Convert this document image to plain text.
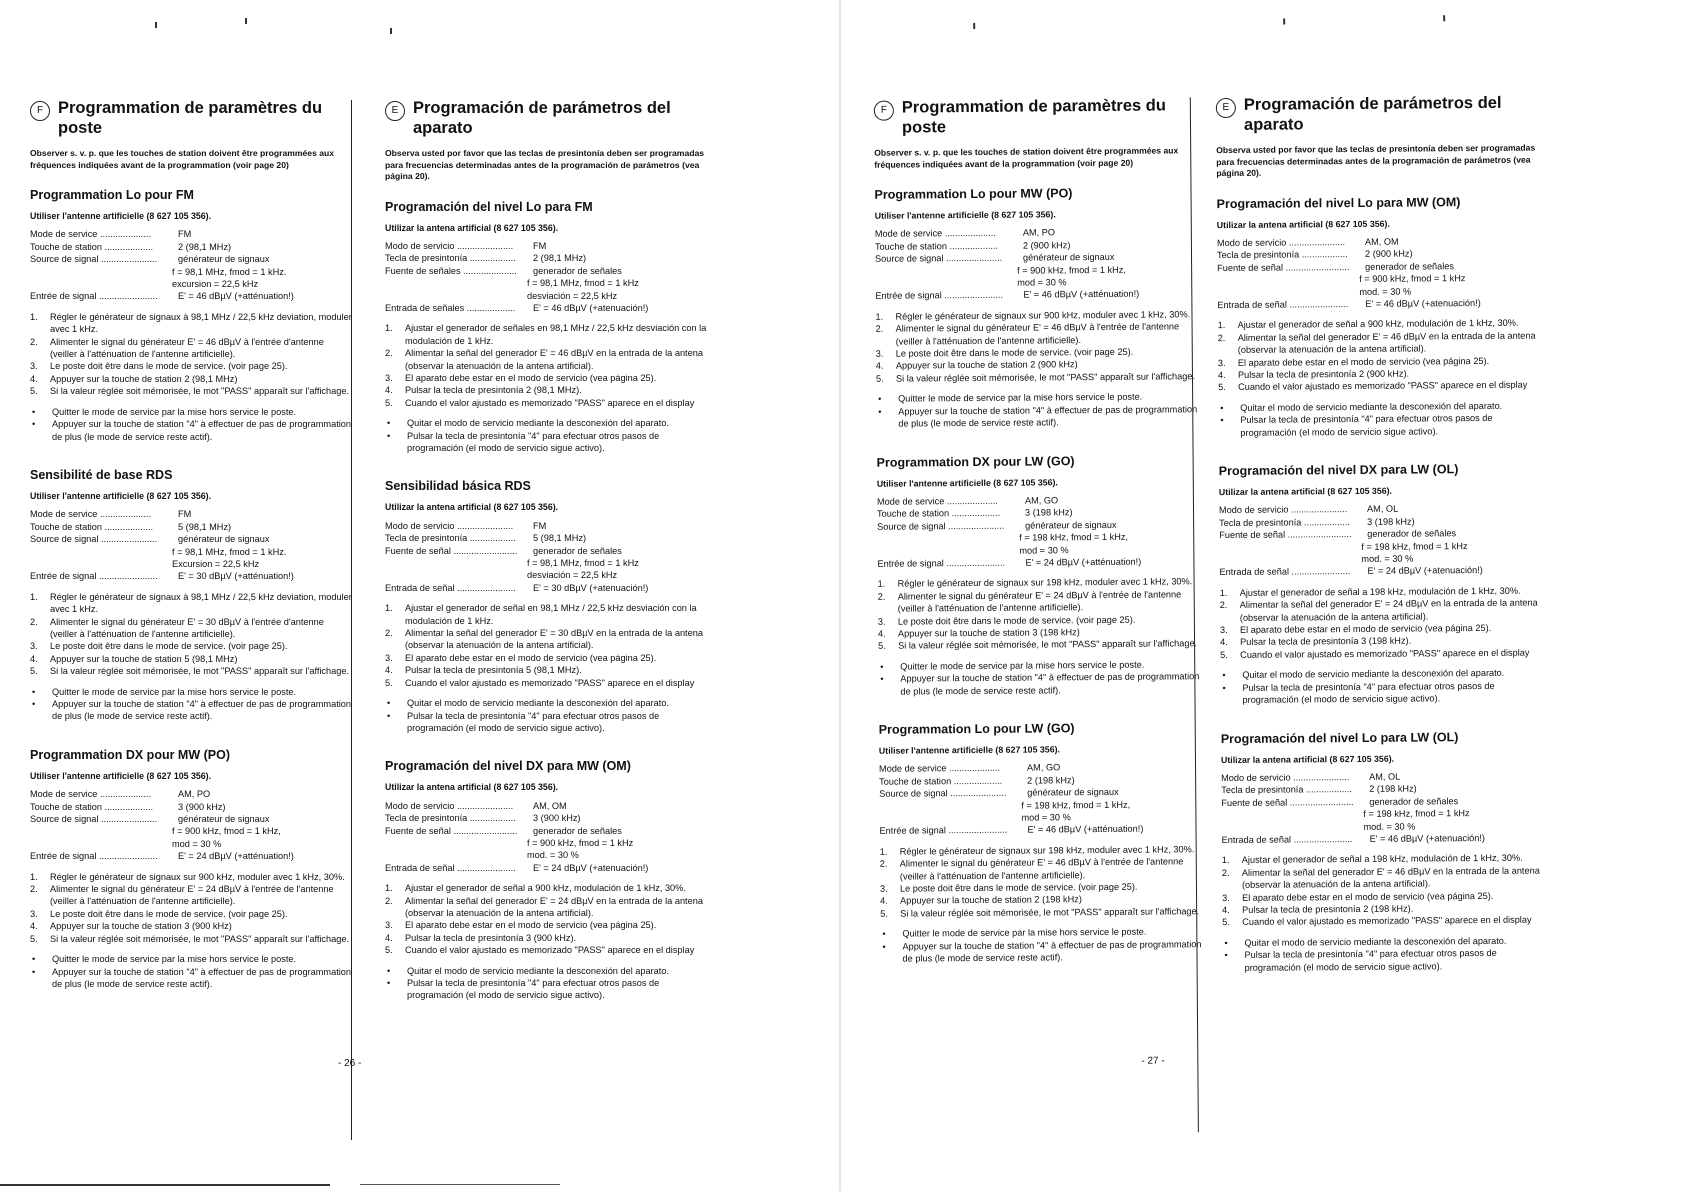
F Programmation de paramètres du poste
Observer s. v. p. que les touches de station doivent être programmées aux fréquences indiquées avant de la programmation (voir page 20)
Programmation Lo pour FM
Utiliser l'antenne artificielle (8 627 105 356).
Mode de service ....................	FM
Touche de station ...................	2 (98,1 MHz)
Source de signal ......................	générateur de signaux
f = 98,1 MHz, fmod = 1 kHz.
excursion = 22,5 kHz
Entrée de signal .......................	E' = 46 dBµV (+atténuation!)
1.	Régler le générateur de signaux à 98,1 MHz / 22,5 kHz deviation, moduler avec 1 kHz.
2.	Alimenter le signal du générateur E' = 46 dBµV à l'entrée d'antenne (veiller à l'atténuation de l'antenne artificielle).
3.	Le poste doit être dans le mode de service. (voir page 25).
4.	Appuyer sur la touche de station 2 (98,1 MHz)
5.	Si la valeur réglée soit mémorisée, le mot "PASS" apparaît sur l'affichage.
•	Quitter le mode de service par la mise hors service le poste.
•	Appuyer sur la touche de station "4" à effectuer de pas de programmation de plus (le mode de service reste actif).
Sensibilité de base RDS
Utiliser l'antenne artificielle (8 627 105 356).
Mode de service ....................	FM
Touche de station ...................	5 (98,1 MHz)
Source de signal ......................	générateur de signaux
f = 98,1 MHz, fmod = 1 kHz.
Excursion = 22,5 kHz
Entrée de signal .......................	E' = 30 dBµV (+atténuation!)
1.	Régler le générateur de signaux à 98,1 MHz / 22,5 kHz deviation, moduler avec 1 kHz.
2.	Alimenter le signal du générateur E' = 30 dBµV à l'entrée d'antenne (veiller à l'atténuation de l'antenne artificielle).
3.	Le poste doit être dans le mode de service. (voir page 25).
4.	Appuyer sur la touche de station 5 (98,1 MHz)
5.	Si la valeur réglée soit mémorisée, le mot "PASS" apparaît sur l'affichage.
•	Quitter le mode de service par la mise hors service le poste.
•	Appuyer sur la touche de station "4" à effectuer de pas de programmation de plus (le mode de service reste actif).
Programmation DX pour MW (PO)
Utiliser l'antenne artificielle (8 627 105 356).
Mode de service ....................	AM, PO
Touche de station ...................	3 (900 kHz)
Source de signal ......................	générateur de signaux
f = 900 kHz, fmod = 1 kHz,
mod = 30 %
Entrée de signal .......................	E' = 24 dBµV (+atténuation!)
1.	Régler le générateur de signaux sur 900 kHz, moduler avec 1 kHz, 30%.
2.	Alimenter le signal du générateur E' = 24 dBµV à l'entrée de l'antenne (veiller à l'atténuation de l'antenne artificielle).
3.	Le poste doit être dans le mode de service. (voir page 25).
4.	Appuyer sur la touche de station 3 (900 kHz)
5.	Si la valeur réglée soit mémorisée, le mot "PASS" apparaît sur l'affichage.
•	Quitter le mode de service par la mise hors service le poste.
•	Appuyer sur la touche de station "4" à effectuer de pas de programmation de plus (le mode de service reste actif).
E Programación de parámetros del aparato
Observa usted por favor que las teclas de presintonía deben ser programadas para frecuencias determinadas antes de la programación de parámetros (vea página 20).
Programación del nivel Lo para FM
Utilizar la antena artificial (8 627 105 356).
Modo de servicio ......................	FM
Tecla de presintonía ..................	2 (98,1 MHz)
Fuente de señales .....................	generador de señales
f = 98,1 MHz, fmod = 1 kHz
desviación = 22,5 kHz
Entrada de señales ...................	E' = 46 dBµV (+atenuación!)
1.	Ajustar el generador de señales en 98,1 MHz / 22,5 kHz desviación con la modulación de 1 kHz.
2.	Alimentar la señal del generador E' = 46 dBµV en la entrada de la antena (observar la atenuación de la antena artificial).
3.	El aparato debe estar en el modo de servicio (vea página 25).
4.	Pulsar la tecla de presintonía 2 (98,1 MHz).
5.	Cuando el valor ajustado es memorizado "PASS" aparece en el display
•	Quitar el modo de servicio mediante la desconexión del aparato.
•	Pulsar la tecla de presintonía "4" para efectuar otros pasos de programación (el modo de servicio sigue activo).
Sensibilidad básica RDS
Utilizar la antena artificial (8 627 105 356).
Modo de servicio ......................	FM
Tecla de presintonía ..................	5 (98,1 MHz)
Fuente de señal .........................	generador de señales
f = 98,1 MHz, fmod = 1 kHz
desviación = 22,5 kHz
Entrada de señal .......................	E' = 30 dBµV (+atenuación!)
1.	Ajustar el generador de señal en 98,1 MHz / 22,5 kHz desviación con la modulación de 1 kHz.
2.	Alimentar la señal del generador E' = 30 dBµV en la entrada de la antena (observar la atenuación de la antena artificial).
3.	El aparato debe estar en el modo de servicio (vea página 25).
4.	Pulsar la tecla de presintonía 5 (98,1 MHz).
5.	Cuando el valor ajustado es memorizado "PASS" aparece en el display
•	Quitar el modo de servicio mediante la desconexión del aparato.
•	Pulsar la tecla de presintonía "4" para efectuar otros pasos de programación (el modo de servicio sigue activo).
Programación del nivel DX para MW (OM)
Utilizar la antena artificial (8 627 105 356).
Modo de servicio ......................	AM, OM
Tecla de presintonía ..................	3 (900 kHz)
Fuente de señal .........................	generador de señales
f = 900 kHz, fmod = 1 kHz
mod. = 30 %
Entrada de señal .......................	E' = 24 dBµV (+atenuación!)
1.	Ajustar el generador de señal a 900 kHz, modulación de 1 kHz, 30%.
2.	Alimentar la señal del generador E' = 24 dBµV en la entrada de la antena (observar la atenuación de la antena artificial).
3.	El aparato debe estar en el modo de servicio (vea página 25).
4.	Pulsar la tecla de presintonía 3 (900 kHz).
5.	Cuando el valor ajustado es memorizado "PASS" aparece en el display
•	Quitar el modo de servicio mediante la desconexión del aparato.
•	Pulsar la tecla de presintonía "4" para efectuar otros pasos de programación (el modo de servicio sigue activo).
- 26 -
F Programmation de paramètres du poste
Observer s. v. p. que les touches de station doivent être programmées aux fréquences indiquées avant de la programmation (voir page 20)
Programmation Lo pour MW (PO)
Utiliser l'antenne artificielle (8 627 105 356).
Mode de service ....................	AM, PO
Touche de station ...................	2 (900 kHz)
Source de signal ......................	générateur de signaux
f = 900 kHz, fmod = 1 kHz,
mod = 30 %
Entrée de signal .......................	E' = 46 dBµV (+atténuation!)
1.	Régler le générateur de signaux sur 900 kHz, moduler avec 1 kHz, 30%.
2.	Alimenter le signal du générateur E' = 46 dBµV à l'entrée de l'antenne (veiller à l'atténuation de l'antenne artificielle).
3.	Le poste doit être dans le mode de service. (voir page 25).
4.	Appuyer sur la touche de station 2 (900 kHz)
5.	Si la valeur réglée soit mémorisée, le mot "PASS" apparaît sur l'affichage.
•	Quitter le mode de service par la mise hors service le poste.
•	Appuyer sur la touche de station "4" à effectuer de pas de programmation de plus (le mode de service reste actif).
Programmation DX pour LW (GO)
Utiliser l'antenne artificielle (8 627 105 356).
Mode de service ....................	AM, GO
Touche de station ...................	3 (198 kHz)
Source de signal ......................	générateur de signaux
f = 198 kHz, fmod = 1 kHz,
mod = 30 %
Entrée de signal .......................	E' = 24 dBµV (+atténuation!)
1.	Régler le générateur de signaux sur 198 kHz, moduler avec 1 kHz, 30%.
2.	Alimenter le signal du générateur E' = 24 dBµV à l'entrée de l'antenne (veiller à l'atténuation de l'antenne artificielle).
3.	Le poste doit être dans le mode de service. (voir page 25).
4.	Appuyer sur la touche de station 3 (198 kHz)
5.	Si la valeur réglée soit mémorisée, le mot "PASS" apparaît sur l'affichage.
•	Quitter le mode de service par la mise hors service le poste.
•	Appuyer sur la touche de station "4" à effectuer de pas de programmation de plus (le mode de service reste actif).
Programmation Lo pour LW (GO)
Utiliser l'antenne artificielle (8 627 105 356).
Mode de service ....................	AM, GO
Touche de station ...................	2 (198 kHz)
Source de signal ......................	générateur de signaux
f = 198 kHz, fmod = 1 kHz,
mod = 30 %
Entrée de signal .......................	E' = 46 dBµV (+atténuation!)
1.	Régler le générateur de signaux sur 198 kHz, moduler avec 1 kHz, 30%.
2.	Alimenter le signal du générateur E' = 46 dBµV à l'entrée de l'antenne (veiller à l'atténuation de l'antenne artificielle).
3.	Le poste doit être dans le mode de service. (voir page 25).
4.	Appuyer sur la touche de station 2 (198 kHz)
5.	Si la valeur réglée soit mémorisée, le mot "PASS" apparaît sur l'affichage.
•	Quitter le mode de service par la mise hors service le poste.
•	Appuyer sur la touche de station "4" à effectuer de pas de programmation de plus (le mode de service reste actif).
E Programación de parámetros del aparato
Observa usted por favor que las teclas de presintonía deben ser programadas para frecuencias determinadas antes de la programación de parámetros (vea página 20).
Programación del nivel Lo para MW (OM)
Utilizar la antena artificial (8 627 105 356).
Modo de servicio ......................	AM, OM
Tecla de presintonía ..................	2 (900 kHz)
Fuente de señal .........................	generador de señales
f = 900 kHz, fmod = 1 kHz
mod. = 30 %
Entrada de señal .......................	E' = 46 dBµV (+atenuación!)
1.	Ajustar el generador de señal a 900 kHz, modulación de 1 kHz, 30%.
2.	Alimentar la señal del generador E' = 46 dBµV en la entrada de la antena (observar la atenuación de la antena artificial).
3.	El aparato debe estar en el modo de servicio (vea página 25).
4.	Pulsar la tecla de presintonía 2 (900 kHz).
5.	Cuando el valor ajustado es memorizado "PASS" aparece en el display
•	Quitar el modo de servicio mediante la desconexión del aparato.
•	Pulsar la tecla de presintonía "4" para efectuar otros pasos de programación (el modo de servicio sigue activo).
Programación del nivel DX para LW (OL)
Utilizar la antena artificial (8 627 105 356).
Modo de servicio ......................	AM, OL
Tecla de presintonía ..................	3 (198 kHz)
Fuente de señal .........................	generador de señales
f = 198 kHz, fmod = 1 kHz
mod. = 30 %
Entrada de señal .......................	E' = 24 dBµV (+atenuación!)
1.	Ajustar el generador de señal a 198 kHz, modulación de 1 kHz, 30%.
2.	Alimentar la señal del generador E' = 24 dBµV en la entrada de la antena (observar la atenuación de la antena artificial).
3.	El aparato debe estar en el modo de servicio (vea página 25).
4.	Pulsar la tecla de presintonía 3 (198 kHz).
5.	Cuando el valor ajustado es memorizado "PASS" aparece en el display
•	Quitar el modo de servicio mediante la desconexión del aparato.
•	Pulsar la tecla de presintonía "4" para efectuar otros pasos de programación (el modo de servicio sigue activo).
Programación del nivel Lo para LW (OL)
Utilizar la antena artificial (8 627 105 356).
Modo de servicio ......................	AM, OL
Tecla de presintonía ..................	2 (198 kHz)
Fuente de señal .........................	generador de señales
f = 198 kHz, fmod = 1 kHz
mod. = 30 %
Entrada de señal .......................	E' = 46 dBµV (+atenuación!)
1.	Ajustar el generador de señal a 198 kHz, modulación de 1 kHz, 30%.
2.	Alimentar la señal del generador E' = 46 dBµV en la entrada de la antena (observar la atenuación de la antena artificial).
3.	El aparato debe estar en el modo de servicio (vea página 25).
4.	Pulsar la tecla de presintonía 2 (198 kHz).
5.	Cuando el valor ajustado es memorizado "PASS" aparece en el display
•	Quitar el modo de servicio mediante la desconexión del aparato.
•	Pulsar la tecla de presintonía "4" para efectuar otros pasos de programación (el modo de servicio sigue activo).
- 27 -
